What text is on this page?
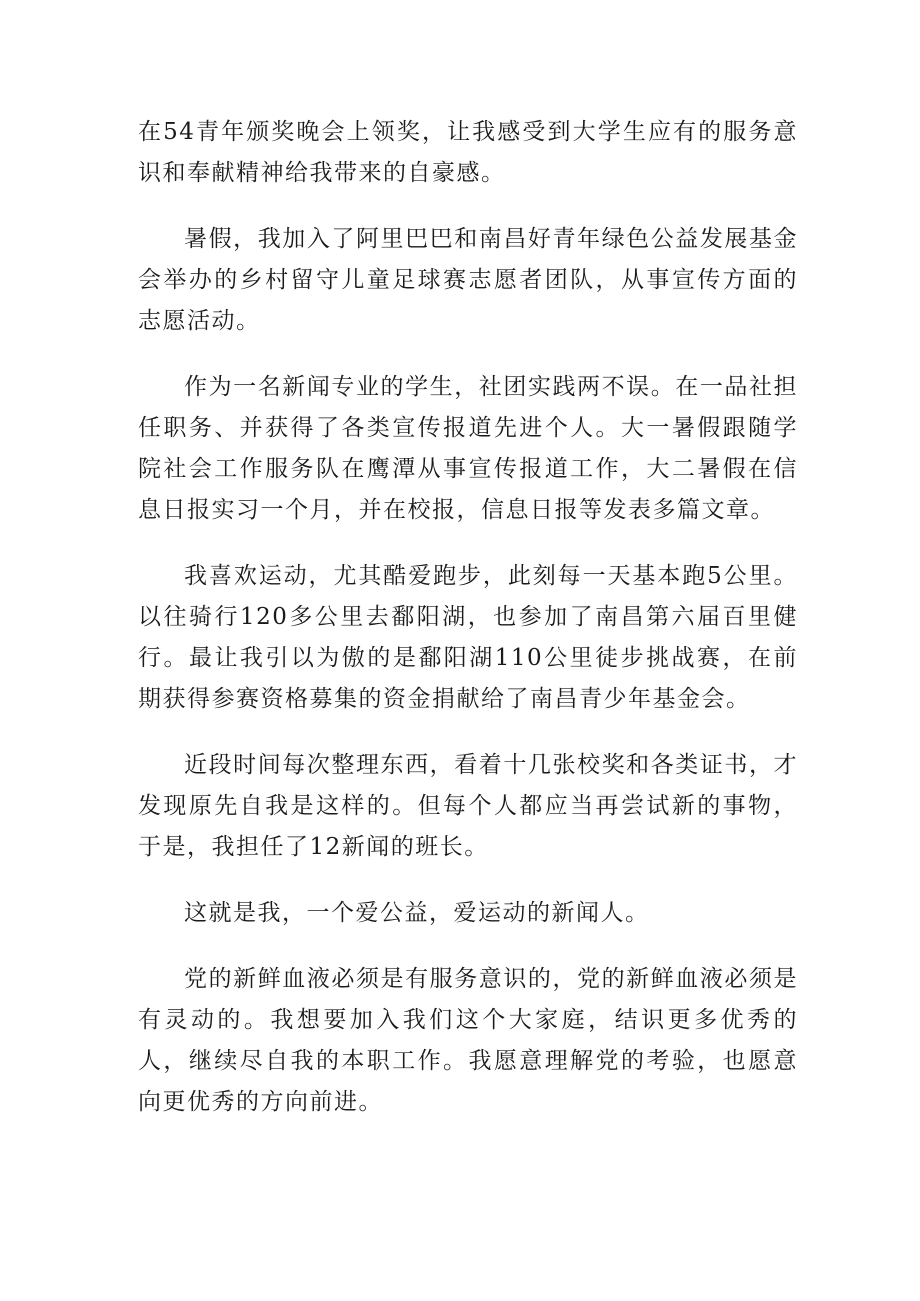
在54青年颁奖晚会上领奖，让我感受到大学生应有的服务意识和奉献精神给我带来的自豪感。

暑假，我加入了阿里巴巴和南昌好青年绿色公益发展基金会举办的乡村留守儿童足球赛志愿者团队，从事宣传方面的志愿活动。

作为一名新闻专业的学生，社团实践两不误。在一品社担任职务、并获得了各类宣传报道先进个人。大一暑假跟随学院社会工作服务队在鹰潭从事宣传报道工作，大二暑假在信息日报实习一个月，并在校报，信息日报等发表多篇文章。

我喜欢运动，尤其酷爱跑步，此刻每一天基本跑5公里。以往骑行120多公里去鄱阳湖，也参加了南昌第六届百里健行。最让我引以为傲的是鄱阳湖110公里徒步挑战赛，在前期获得参赛资格募集的资金捐献给了南昌青少年基金会。

近段时间每次整理东西，看着十几张校奖和各类证书，才发现原先自我是这样的。但每个人都应当再尝试新的事物，于是，我担任了12新闻的班长。

这就是我，一个爱公益，爱运动的新闻人。

党的新鲜血液必须是有服务意识的，党的新鲜血液必须是有灵动的。我想要加入我们这个大家庭，结识更多优秀的人，继续尽自我的本职工作。我愿意理解党的考验，也愿意向更优秀的方向前进。
